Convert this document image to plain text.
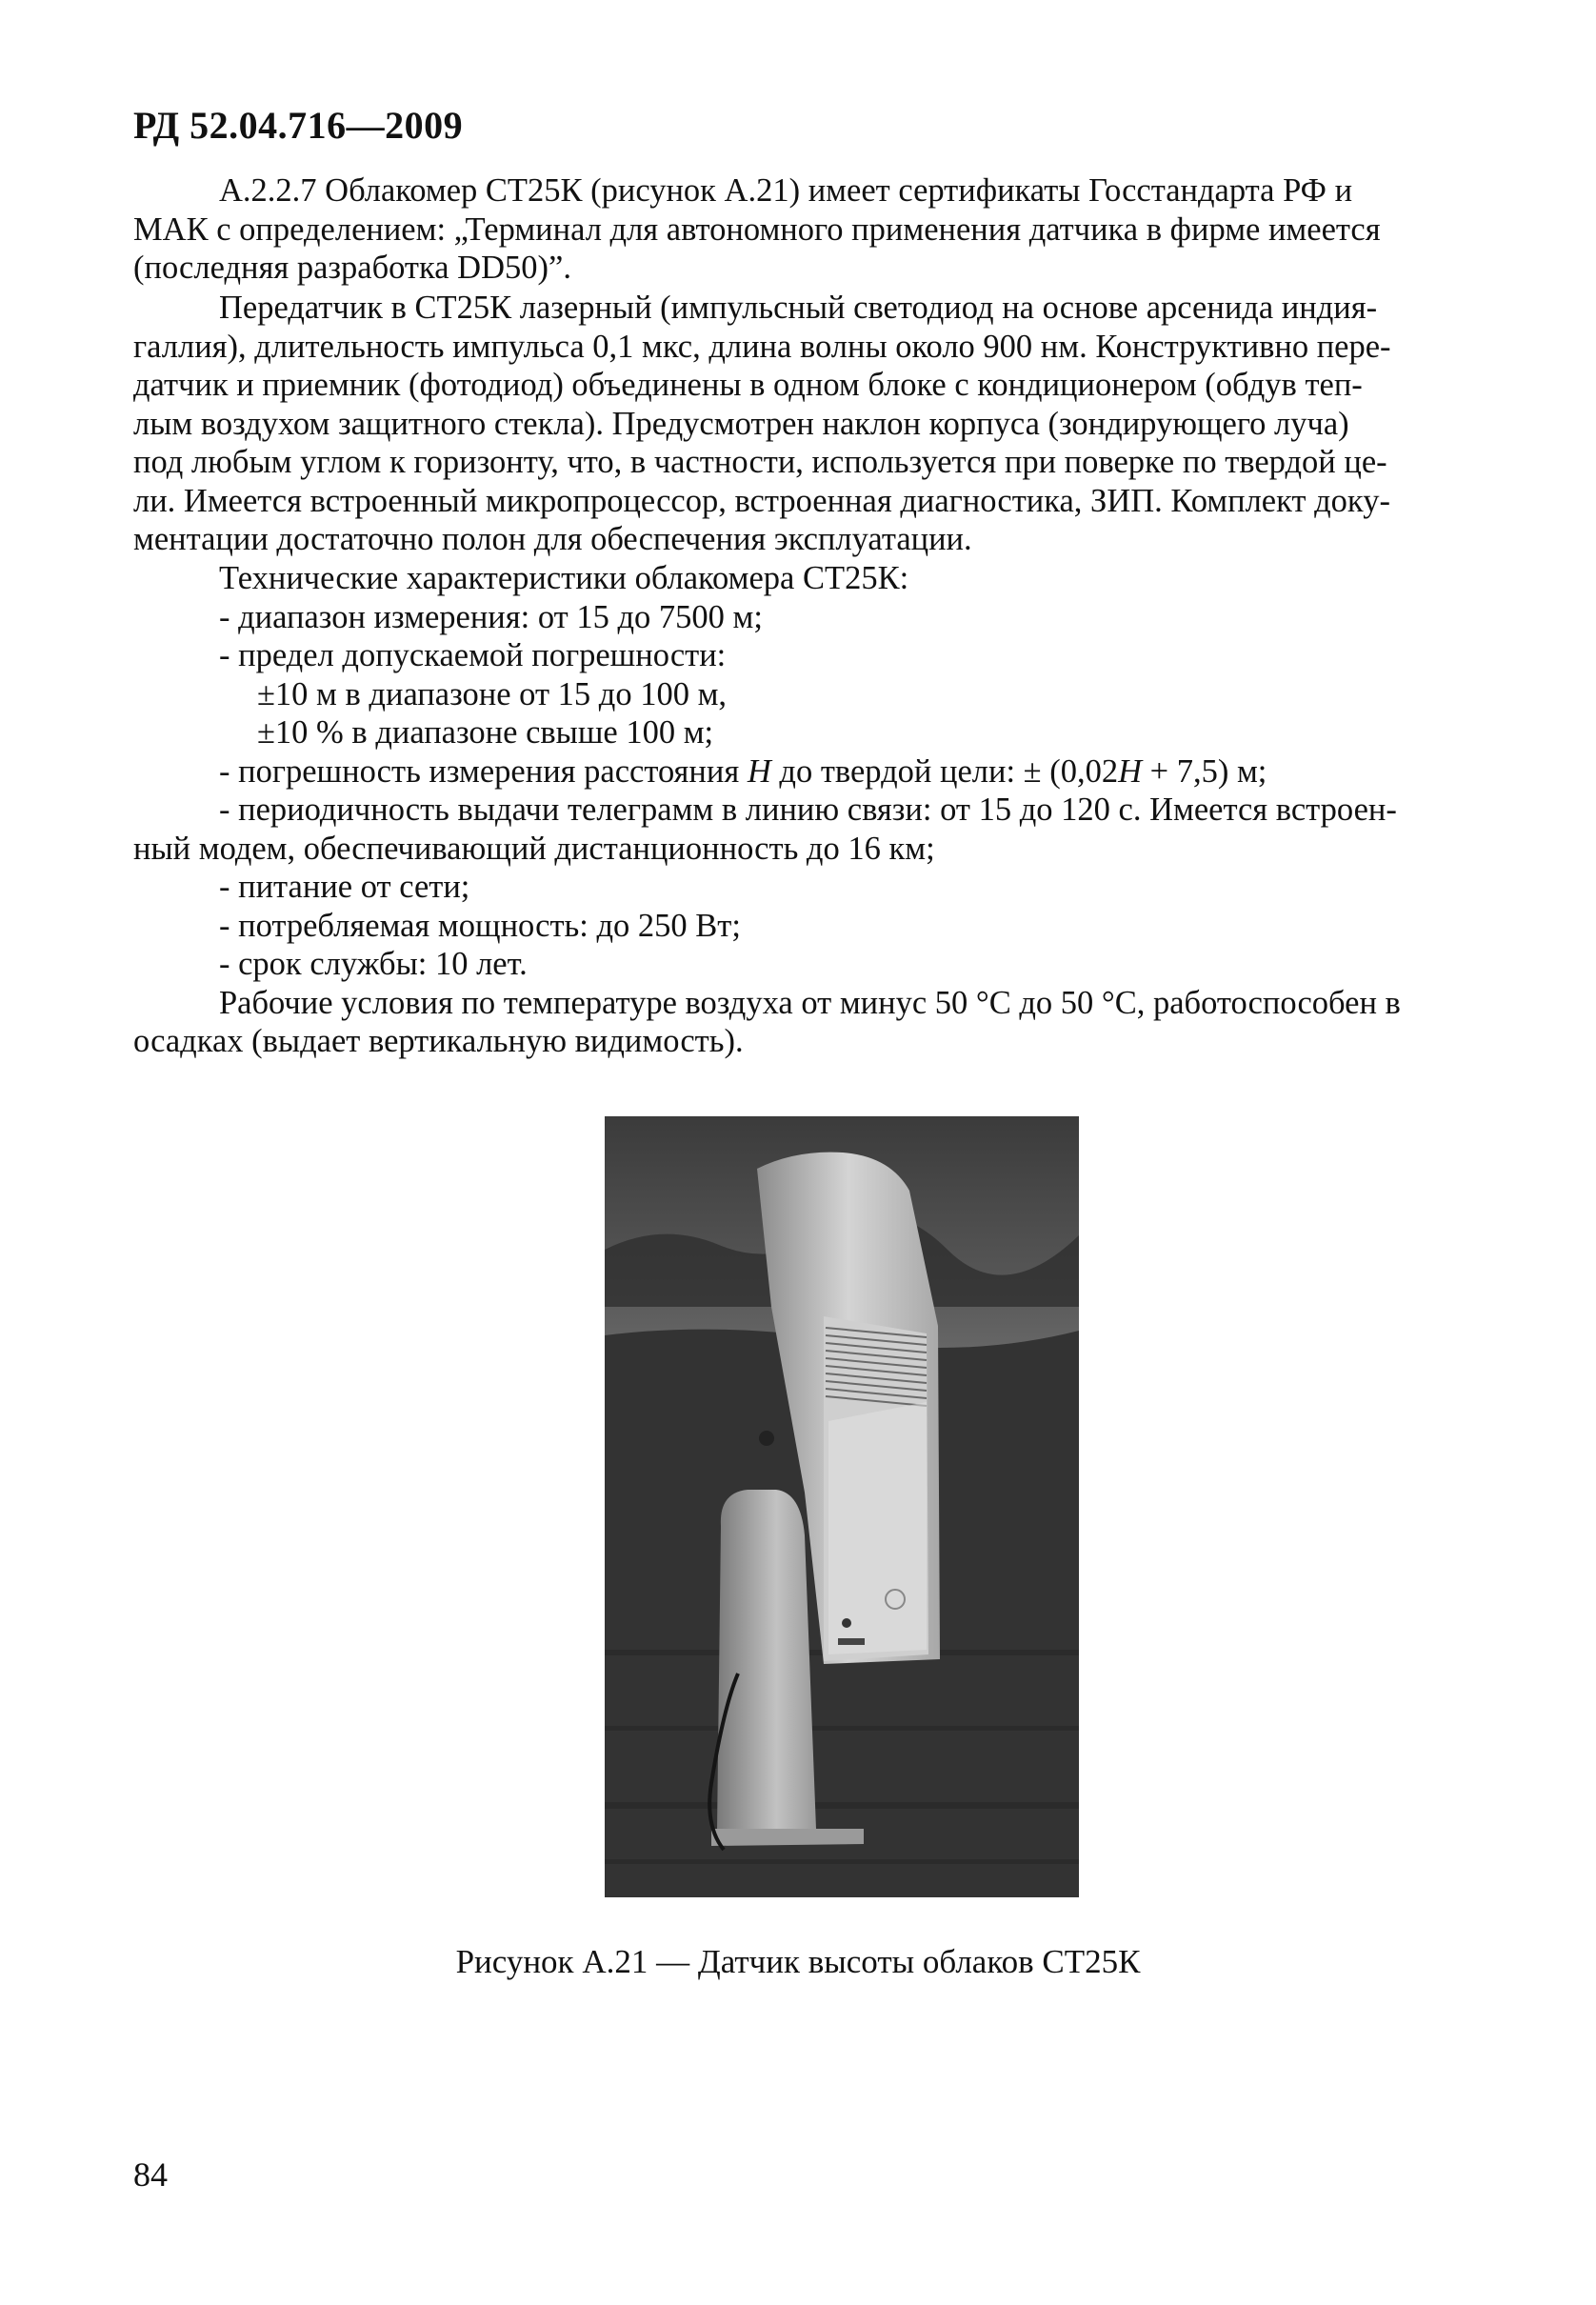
РД 52.04.716—2009

А.2.2.7 Облакомер СТ25К (рисунок А.21) имеет сертификаты Госстандарта РФ и

МАК с определением: „Терминал для автономного применения датчика в фирме имеется

(последняя разработка DD50)”.

Передатчик в СТ25К лазерный (импульсный светодиод на основе арсенида индия-

галлия), длительность импульса 0,1 мкс, длина волны около 900 нм. Конструктивно пере-

датчик и приемник (фотодиод) объединены в одном блоке с кондиционером (обдув теп-

лым воздухом защитного стекла). Предусмотрен наклон корпуса (зондирующего луча)

под любым углом к горизонту, что, в частности, используется при поверке по твердой це-

ли. Имеется встроенный микропроцессор, встроенная диагностика, ЗИП. Комплект доку-

ментации достаточно полон для обеспечения эксплуатации.

Технические характеристики облакомера СТ25К:

- диапазон измерения: от 15 до 7500 м;

- предел допускаемой погрешности:

±10 м в диапазоне от 15 до 100 м,

±10 % в диапазоне свыше 100 м;

- погрешность измерения расстояния H до твердой цели: ± (0,02H + 7,5) м;

- периодичность выдачи телеграмм в линию связи: от 15 до 120 с. Имеется встроен-

ный модем, обеспечивающий дистанционность до 16 км;

- питание от сети;

- потребляемая мощность: до 250 Вт;

- срок службы: 10 лет.

Рабочие условия по температуре воздуха от минус 50 °С до 50 °С, работоспособен в

осадках (выдает вертикальную видимость).

Рисунок А.21 — Датчик высоты облаков СТ25К
84
